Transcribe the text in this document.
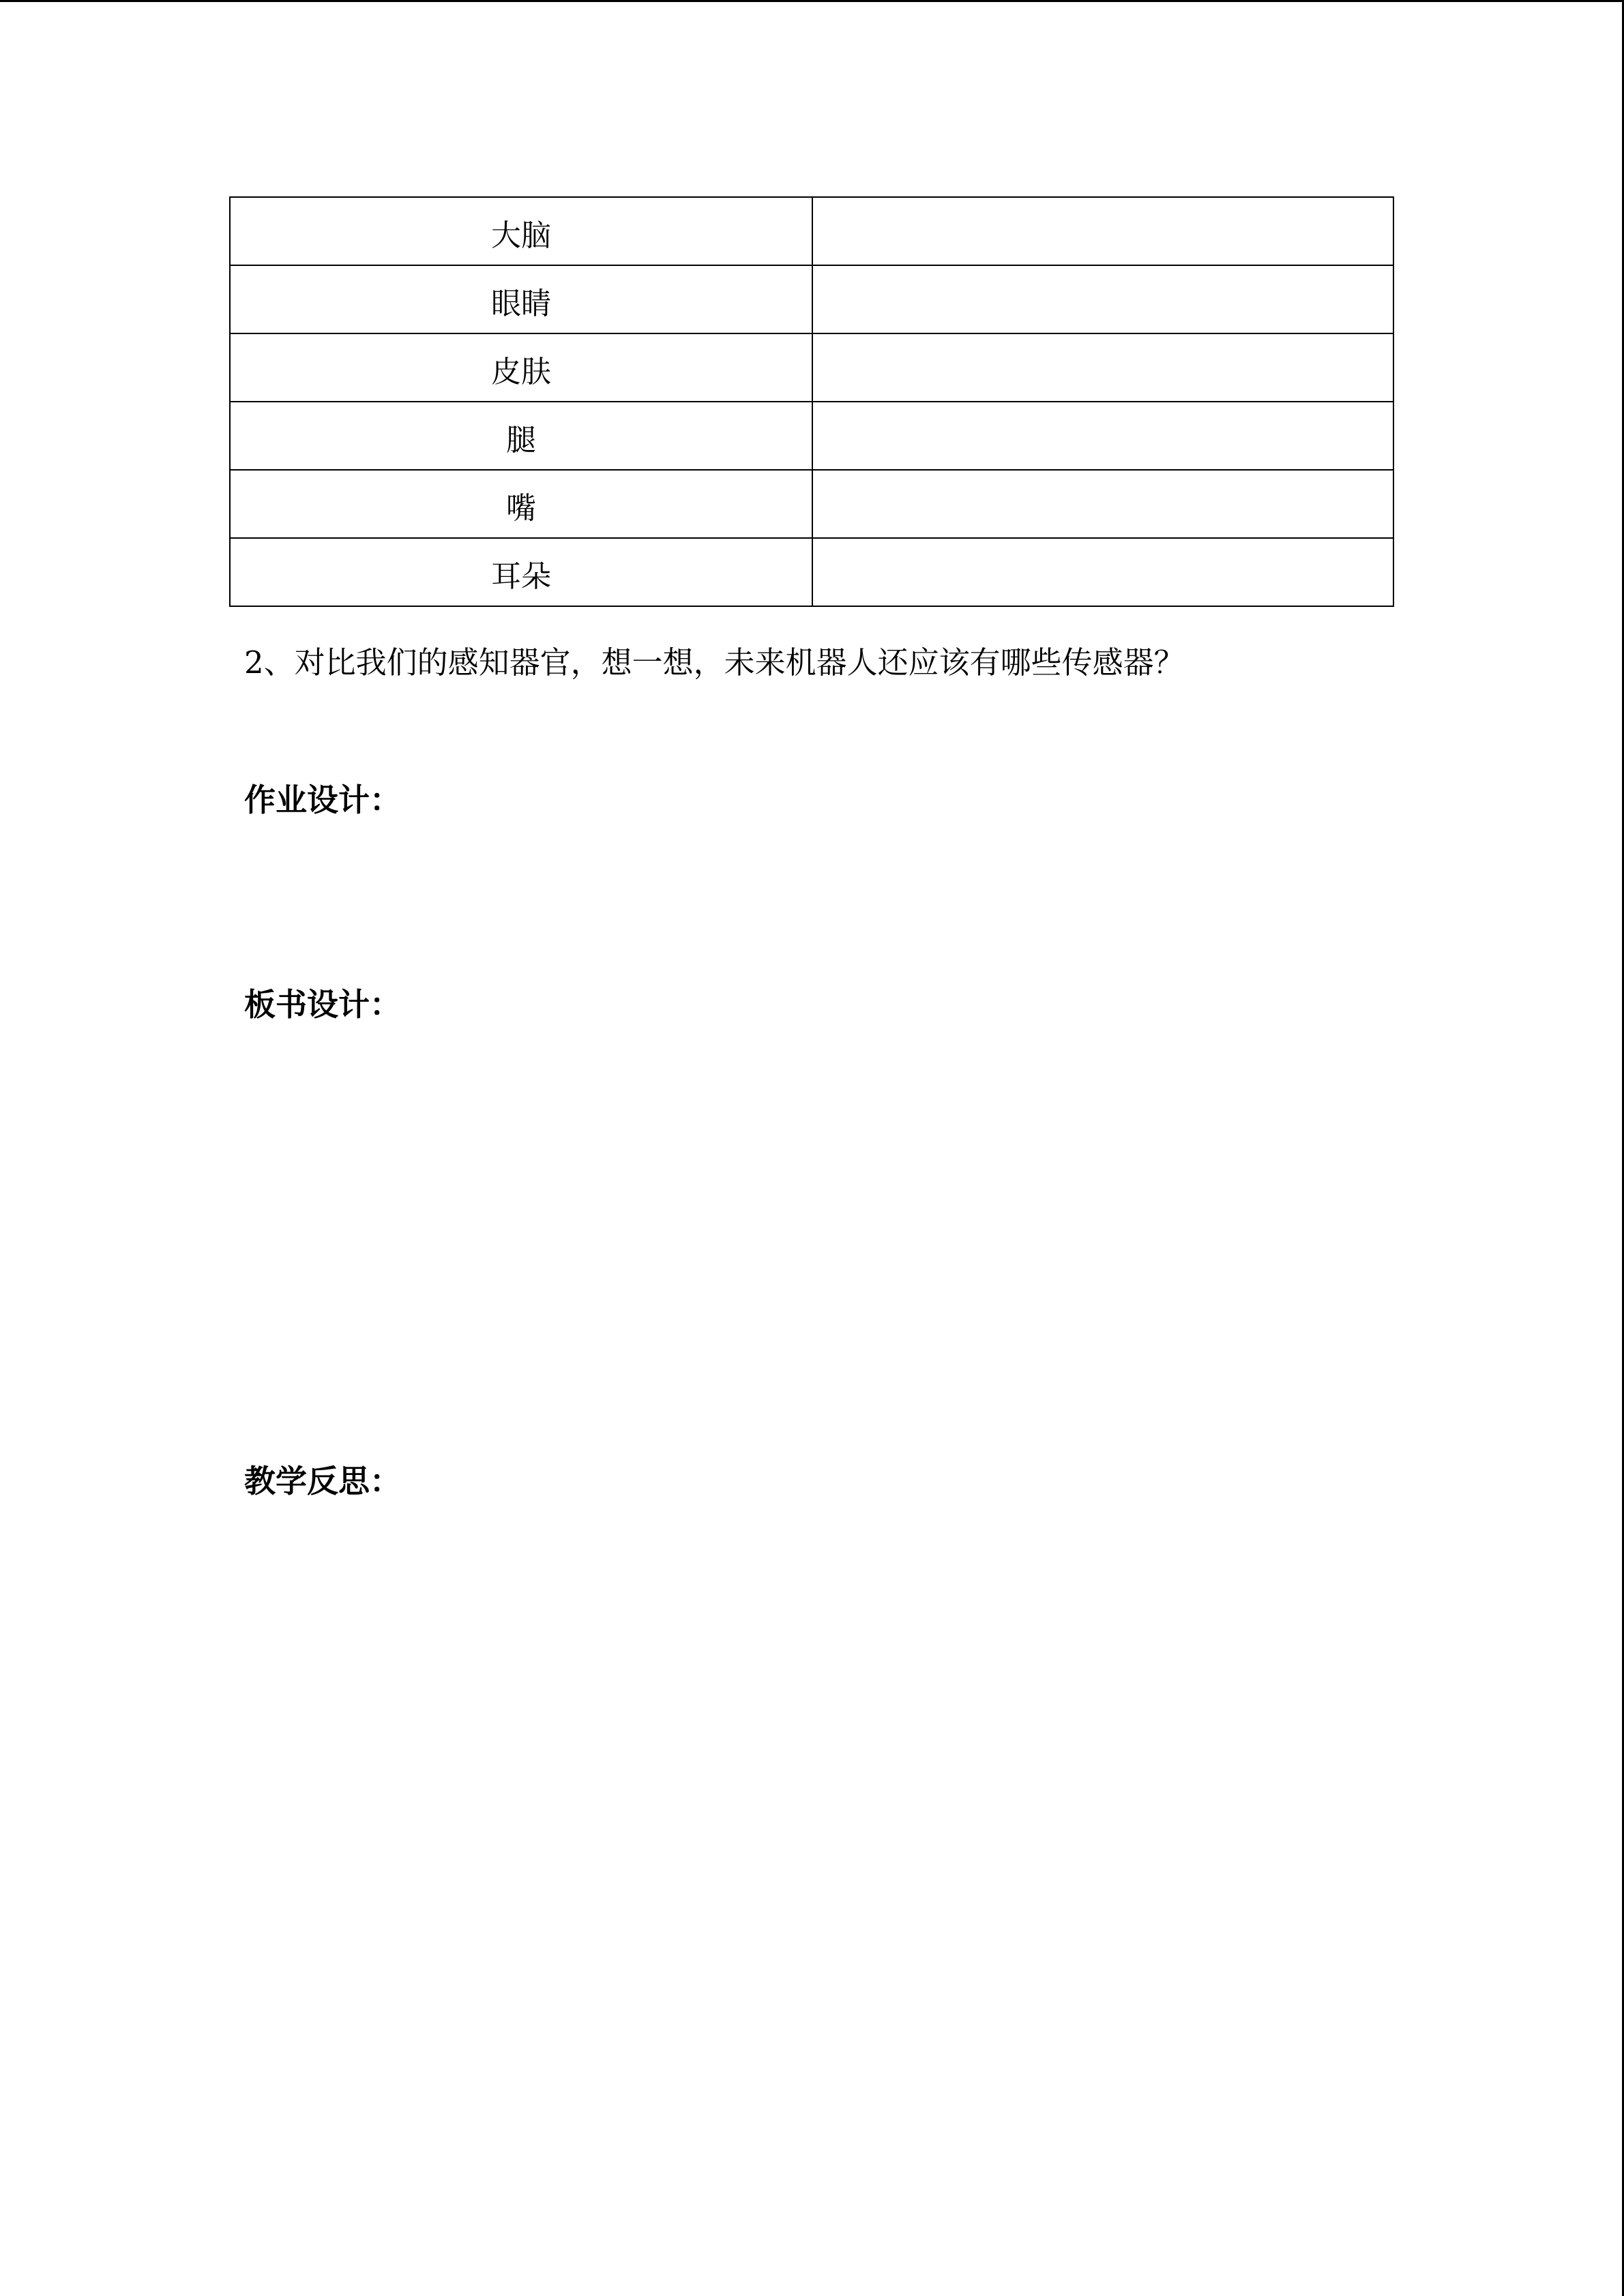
大脑	
眼睛	
皮肤	
腿	
嘴	
耳朵	

2、对比我们的感知器官，想一想，未来机器人还应该有哪些传感器？

作业设计：
板书设计：
教学反思：
